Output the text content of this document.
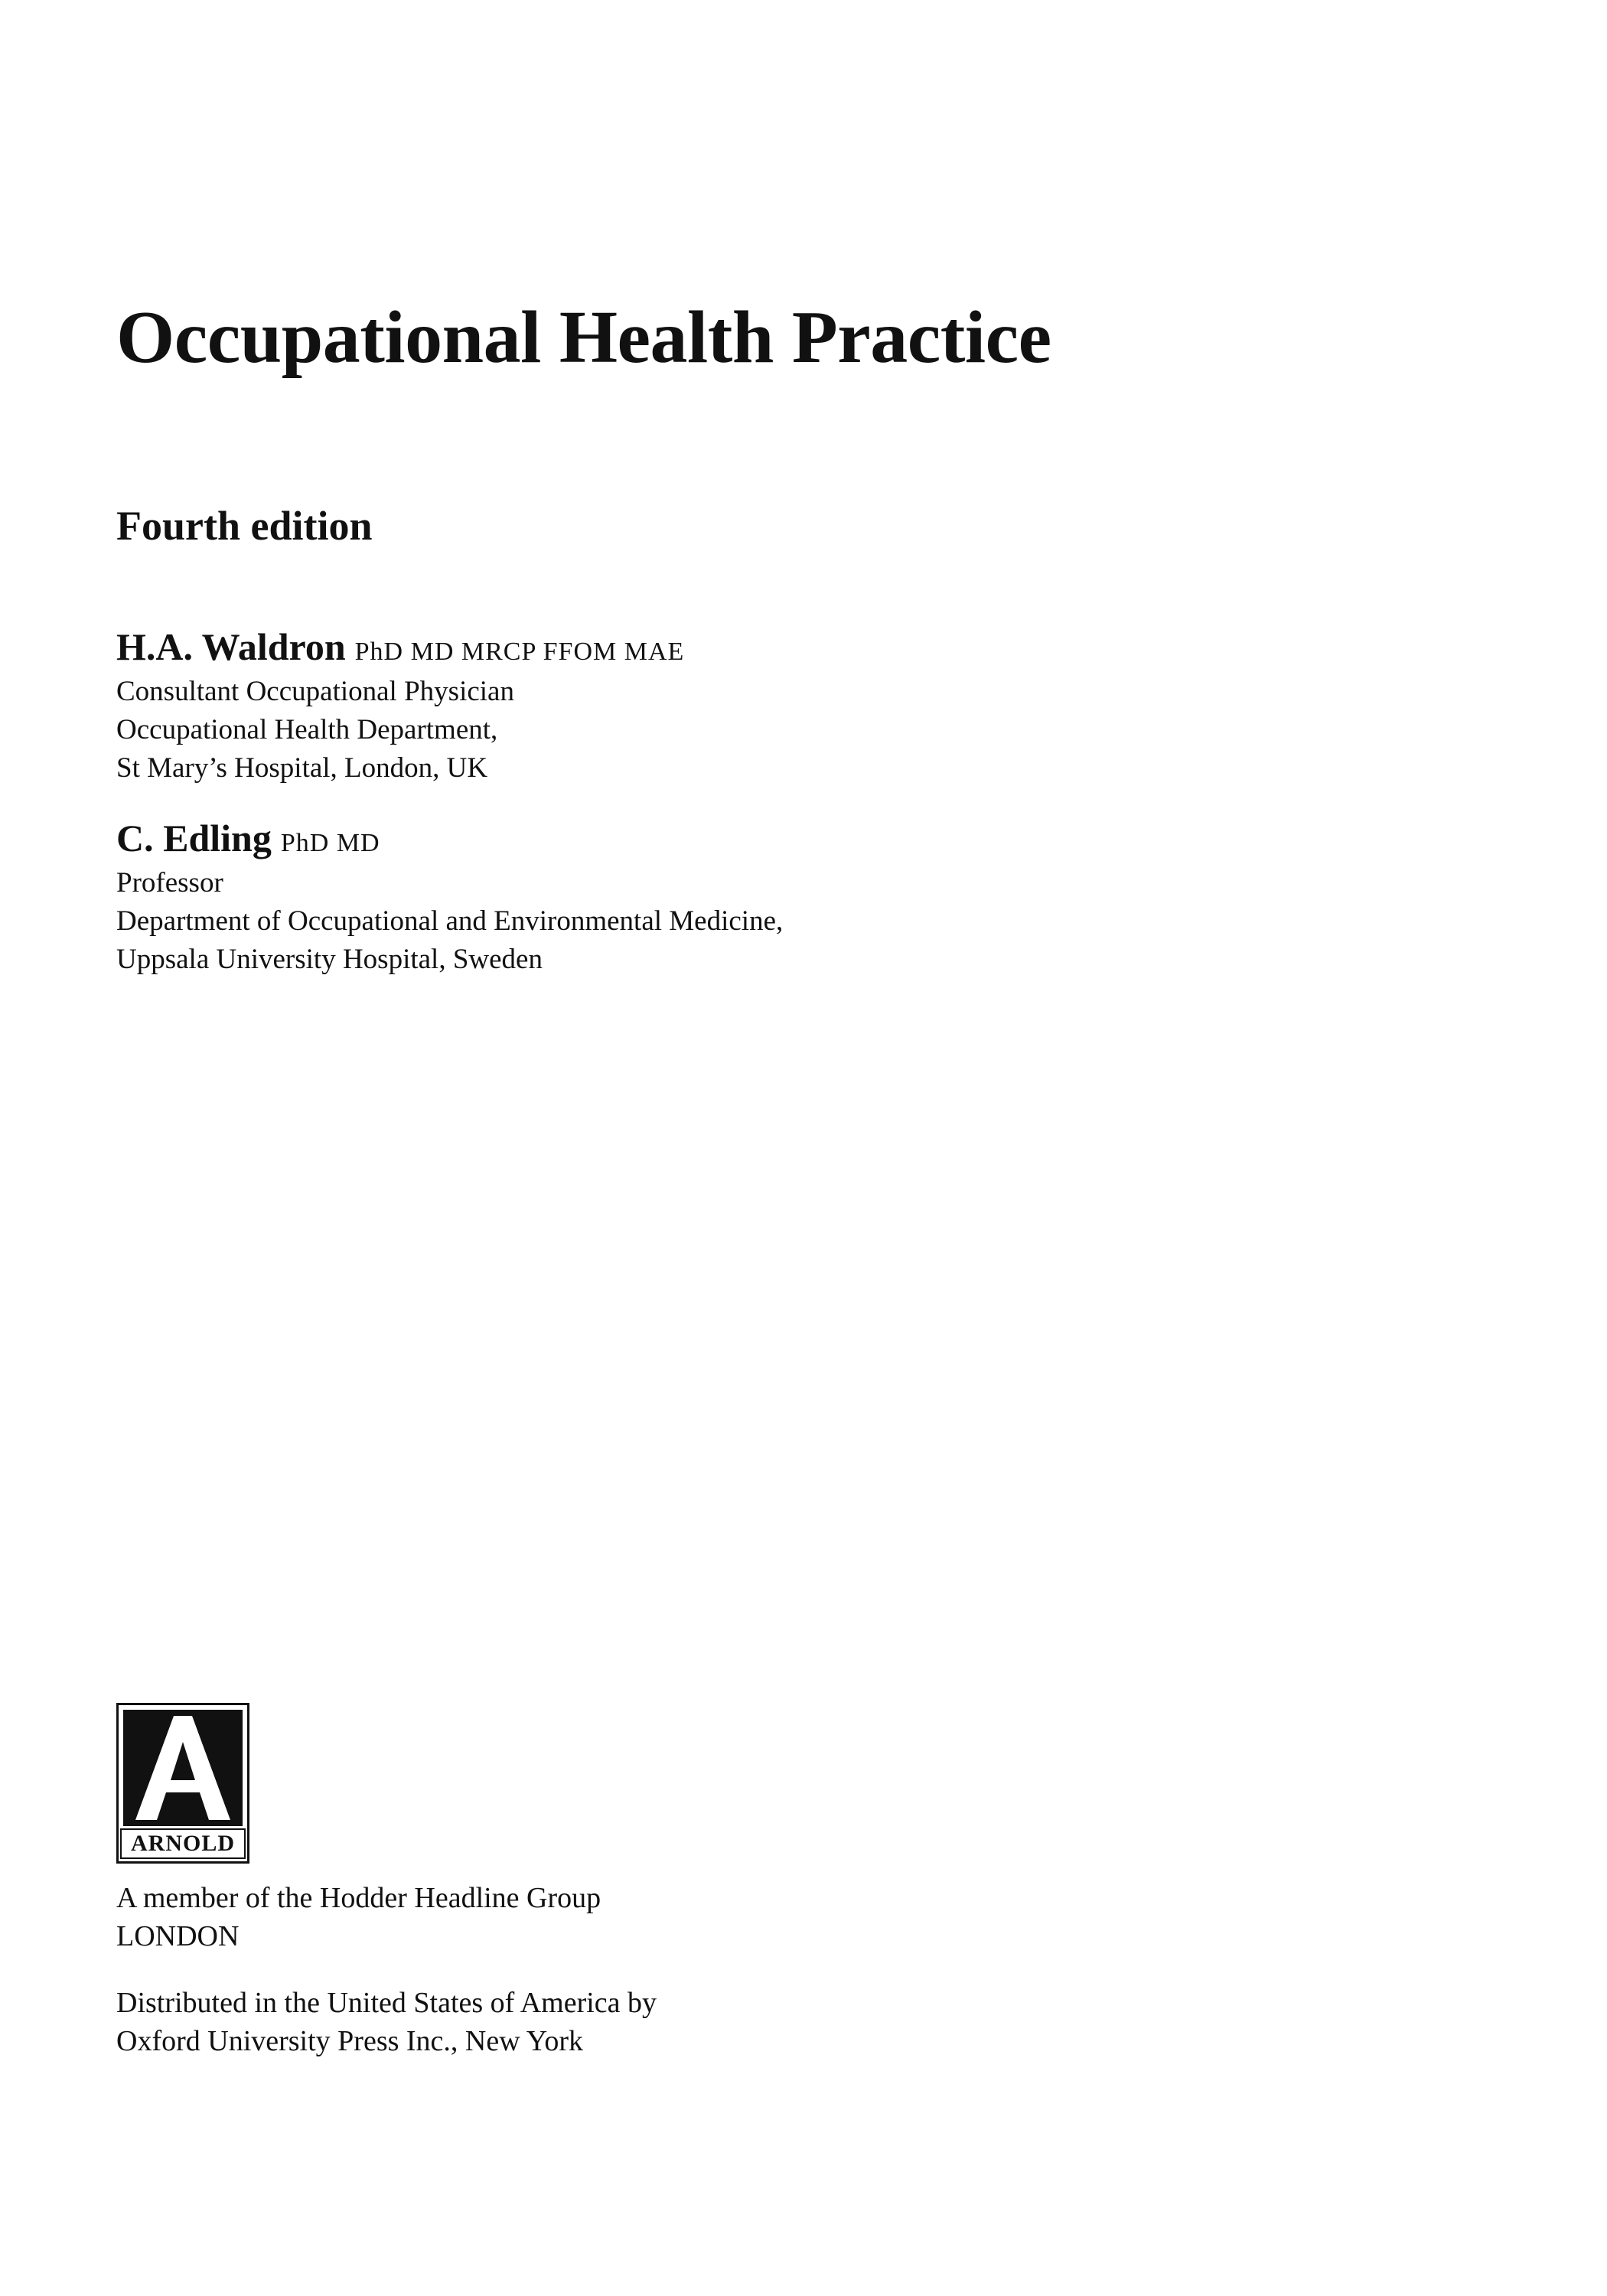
Occupational Health Practice
Fourth edition
H.A. Waldron PhD MD MRCP FFOM MAE
Consultant Occupational Physician
Occupational Health Department,
St Mary’s Hospital, London, UK
C. Edling PhD MD
Professor
Department of Occupational and Environmental Medicine,
Uppsala University Hospital, Sweden
ARNOLD
A member of the Hodder Headline Group
LONDON
Distributed in the United States of America by
Oxford University Press Inc., New York
